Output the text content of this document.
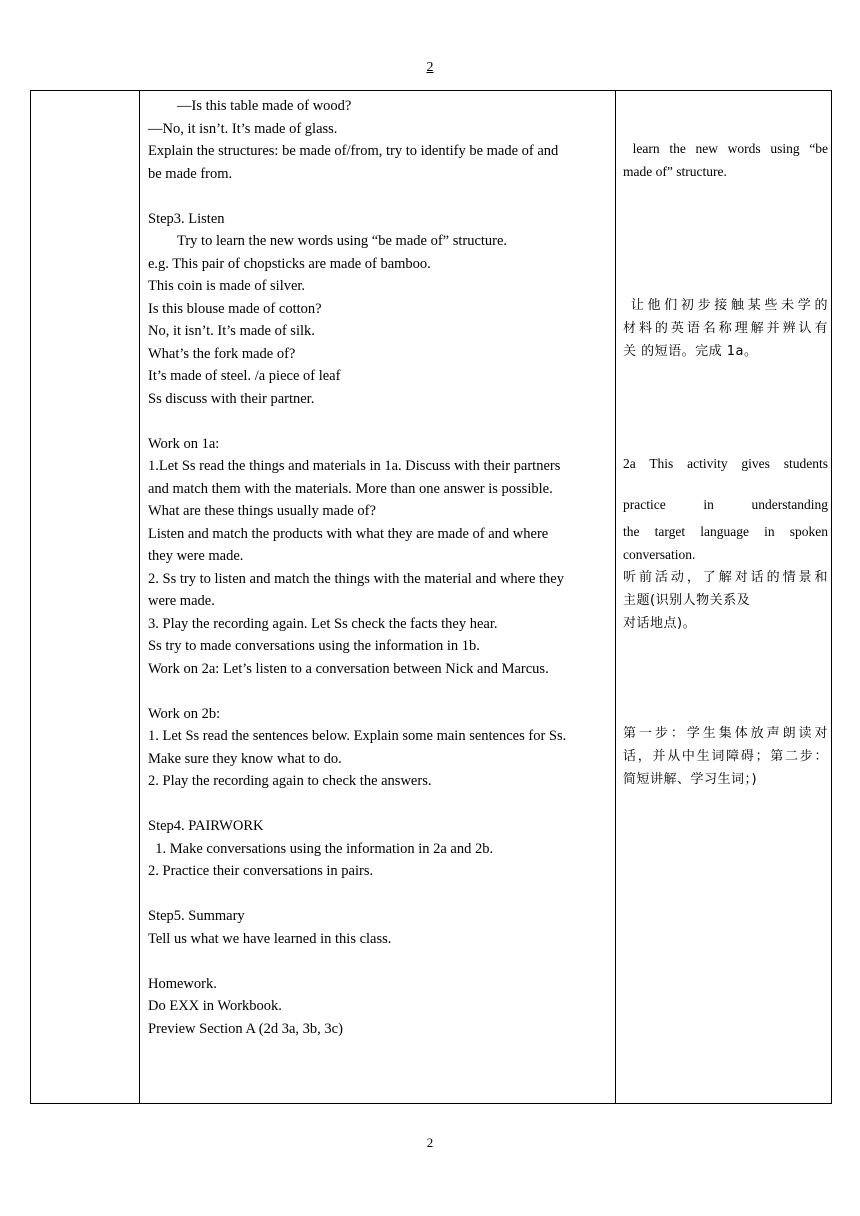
2
—Is this table made of wood?
—No, it isn’t. It’s made of glass.
Explain the structures: be made of/from, try to identify be made of and
be made from.
Step3. Listen
Try to learn the new words using “be made of” structure.
e.g. This pair of chopsticks are made of bamboo.
This coin is made of silver.
Is this blouse made of cotton?
No, it isn’t. It’s made of silk.
What’s the fork made of?
It’s made of steel. /a piece of leaf
Ss discuss with their partner.
Work on 1a:
1.Let Ss read the things and materials in 1a. Discuss with their partners
and match them with the materials. More than one answer is possible.
What are these things usually made of?
Listen and match the products with what they are made of and where
they were made.
2. Ss try to listen and match the things with the material and where they
were made.
3. Play the recording again. Let Ss check the facts they hear.
Ss try to made conversations using the information in 1b.
Work on 2a: Let’s listen to a conversation between Nick and Marcus.
Work on 2b:
1. Let Ss read the sentences below. Explain some main sentences for Ss.
Make sure they know what to do.
2. Play the recording again to check the answers.
Step4. PAIRWORK
1. Make conversations using the information in 2a and 2b.
2. Practice their conversations in pairs.
Step5. Summary
Tell us what we have learned in this class.
Homework.
Do EXX in Workbook.
Preview Section A (2d 3a, 3b, 3c)
learn the new words using “be
made of” structure.
让他们初步接触某些未学的
材料的英语名称理解并辨认有
关 的短语。完成 1a。
2a This activity gives students
practice in understanding
the target language in spoken
conversation.
听前活动，了解对话的情景和
主题(识别人物关系及
对话地点)。
第一步：学生集体放声朗读对
话，并从中生词障碍；第二步：
简短讲解、学习生词；)
2
